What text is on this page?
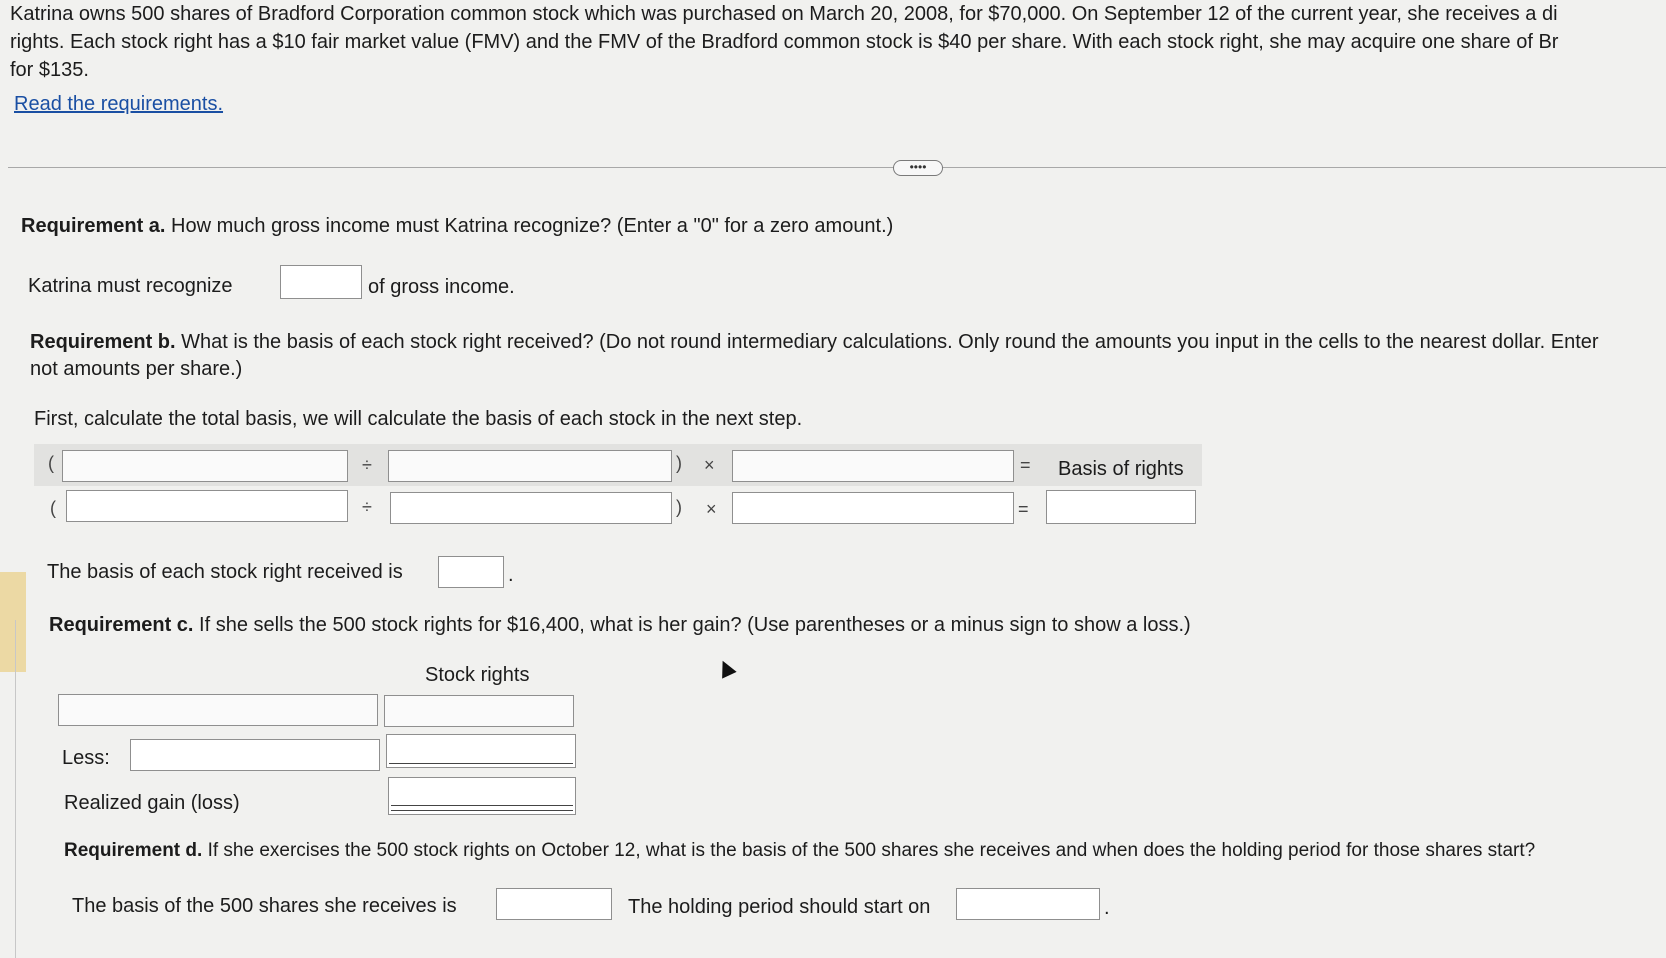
Katrina owns 500 shares of Bradford Corporation common stock which was purchased on March 20, 2008, for $70,000. On September 12 of the current year, she receives a di
rights. Each stock right has a $10 fair market value (FMV) and the FMV of the Bradford common stock is $40 per share. With each stock right, she may acquire one share of Br
for $135.
Read the requirements.
••••
Requirement a. How much gross income must Katrina recognize? (Enter a "0" for a zero amount.)
Katrina must recognize	of gross income.
Requirement b. What is the basis of each stock right received? (Do not round intermediary calculations. Only round the amounts you input in the cells to the nearest dollar. Enter
not amounts per share.)
First, calculate the total basis, we will calculate the basis of each stock in the next step.
(	÷	) ×	= Basis of rights
(	÷	) ×	=
The basis of each stock right received is	.
Requirement c. If she sells the 500 stock rights for $16,400, what is her gain? (Use parentheses or a minus sign to show a loss.)
Stock rights
Less:
Realized gain (loss)
Requirement d. If she exercises the 500 stock rights on October 12, what is the basis of the 500 shares she receives and when does the holding period for those shares start?
The basis of the 500 shares she receives is	The holding period should start on	.
